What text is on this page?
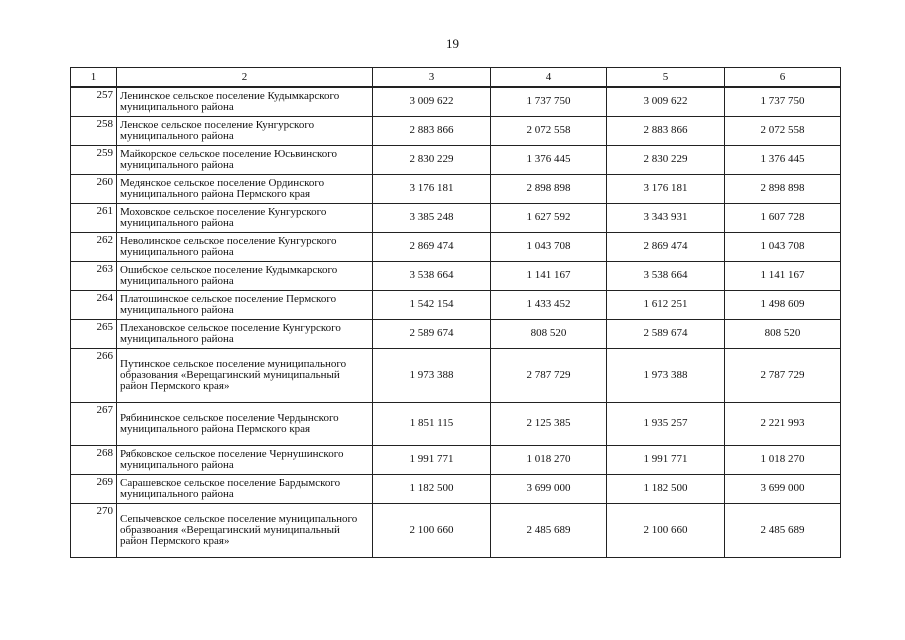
19
1	2	3	4	5	6
257	Ленинское сельское поселение Кудымкарского муниципального района	3 009 622	1 737 750	3 009 622	1 737 750
258	Ленское сельское поселение Кунгурского муниципального района	2 883 866	2 072 558	2 883 866	2 072 558
259	Майкорское сельское поселение Юсьвинского муниципального района	2 830 229	1 376 445	2 830 229	1 376 445
260	Медянское сельское поселение Ординского муниципального района Пермского края	3 176 181	2 898 898	3 176 181	2 898 898
261	Моховское сельское поселение Кунгурского муниципального района	3 385 248	1 627 592	3 343 931	1 607 728
262	Неволинское сельское поселение Кунгурского муниципального района	2 869 474	1 043 708	2 869 474	1 043 708
263	Ошибское сельское поселение Кудымкарского муниципального района	3 538 664	1 141 167	3 538 664	1 141 167
264	Платошинское сельское поселение Пермского муниципального района	1 542 154	1 433 452	1 612 251	1 498 609
265	Плехановское сельское поселение Кунгурского муниципального района	2 589 674	808 520	2 589 674	808 520
266	Путинское сельское поселение муниципального образования «Верещагинский муниципальный район Пермского края»	1 973 388	2 787 729	1 973 388	2 787 729
267	Рябининское сельское поселение Чердынского муниципального района Пермского края	1 851 115	2 125 385	1 935 257	2 221 993
268	Рябковское сельское поселение Чернушинского муниципального района	1 991 771	1 018 270	1 991 771	1 018 270
269	Сарашевское сельское поселение Бардымского муниципального района	1 182 500	3 699 000	1 182 500	3 699 000
270	Сепычевское сельское поселение муниципального образвоания «Верещагинский муниципальный район Пермского края»	2 100 660	2 485 689	2 100 660	2 485 689
